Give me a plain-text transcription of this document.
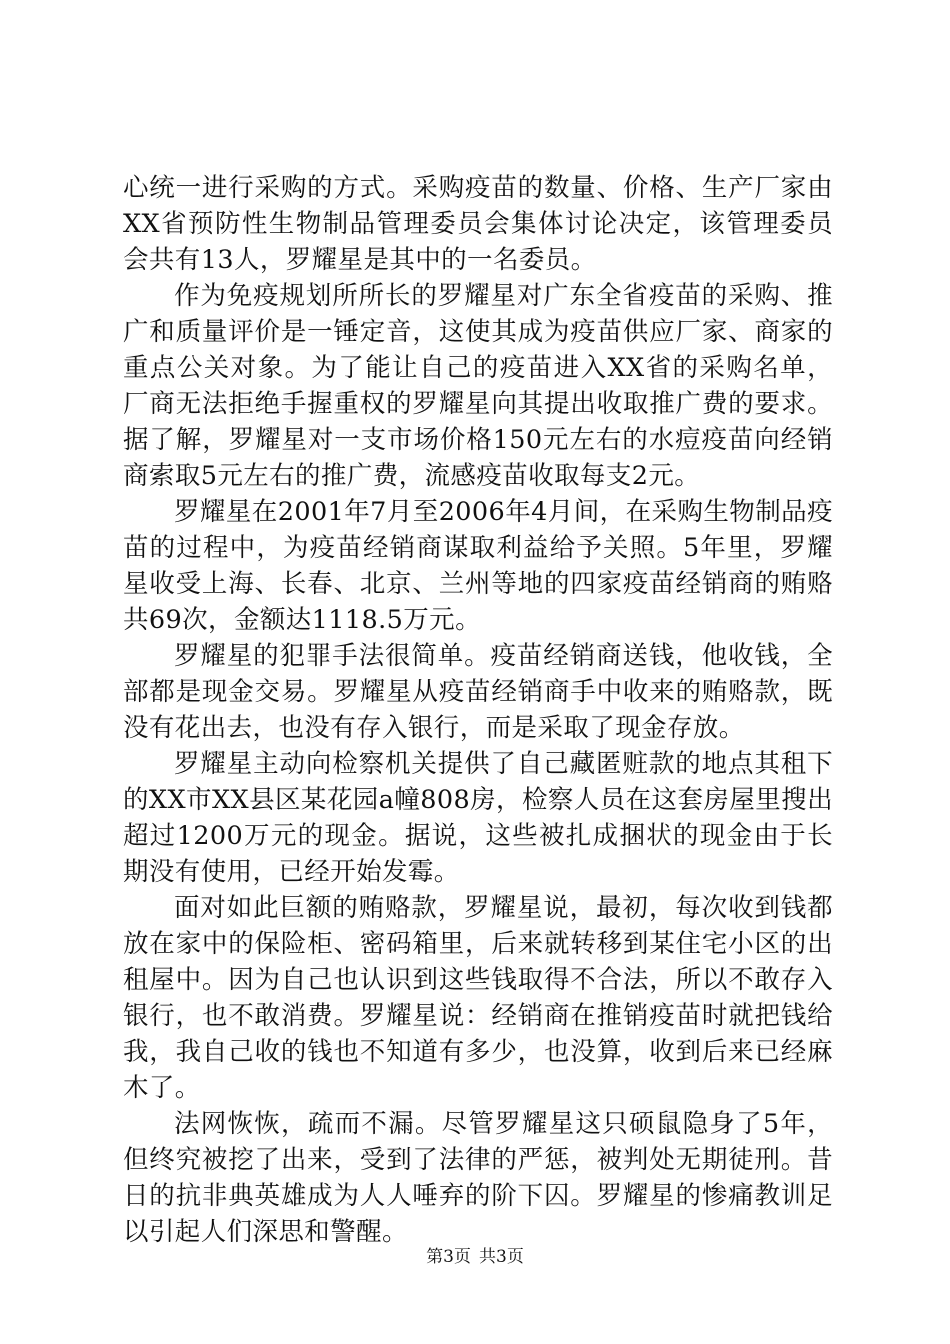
心统一进行采购的方式。采购疫苗的数量、价格、生产厂家由XX省预防性生物制品管理委员会集体讨论决定，该管理委员会共有13人，罗耀星是其中的一名委员。

作为免疫规划所所长的罗耀星对广东全省疫苗的采购、推广和质量评价是一锤定音，这使其成为疫苗供应厂家、商家的重点公关对象。为了能让自己的疫苗进入XX省的采购名单，厂商无法拒绝手握重权的罗耀星向其提出收取推广费的要求。据了解，罗耀星对一支市场价格150元左右的水痘疫苗向经销商索取5元左右的推广费，流感疫苗收取每支2元。

罗耀星在2001年7月至2006年4月间，在采购生物制品疫苗的过程中，为疫苗经销商谋取利益给予关照。5年里，罗耀星收受上海、长春、北京、兰州等地的四家疫苗经销商的贿赂共69次，金额达1118.5万元。

罗耀星的犯罪手法很简单。疫苗经销商送钱，他收钱，全部都是现金交易。罗耀星从疫苗经销商手中收来的贿赂款，既没有花出去，也没有存入银行，而是采取了现金存放。

罗耀星主动向检察机关提供了自己藏匿赃款的地点其租下的XX市XX县区某花园a幢808房，检察人员在这套房屋里搜出超过1200万元的现金。据说，这些被扎成捆状的现金由于长期没有使用，已经开始发霉。

面对如此巨额的贿赂款，罗耀星说，最初，每次收到钱都放在家中的保险柜、密码箱里，后来就转移到某住宅小区的出租屋中。因为自己也认识到这些钱取得不合法，所以不敢存入银行，也不敢消费。罗耀星说：经销商在推销疫苗时就把钱给我，我自己收的钱也不知道有多少，也没算，收到后来已经麻木了。

法网恢恢，疏而不漏。尽管罗耀星这只硕鼠隐身了5年，但终究被挖了出来，受到了法律的严惩，被判处无期徒刑。昔日的抗非典英雄成为人人唾弃的阶下囚。罗耀星的惨痛教训足以引起人们深思和警醒。

第3页 共3页
